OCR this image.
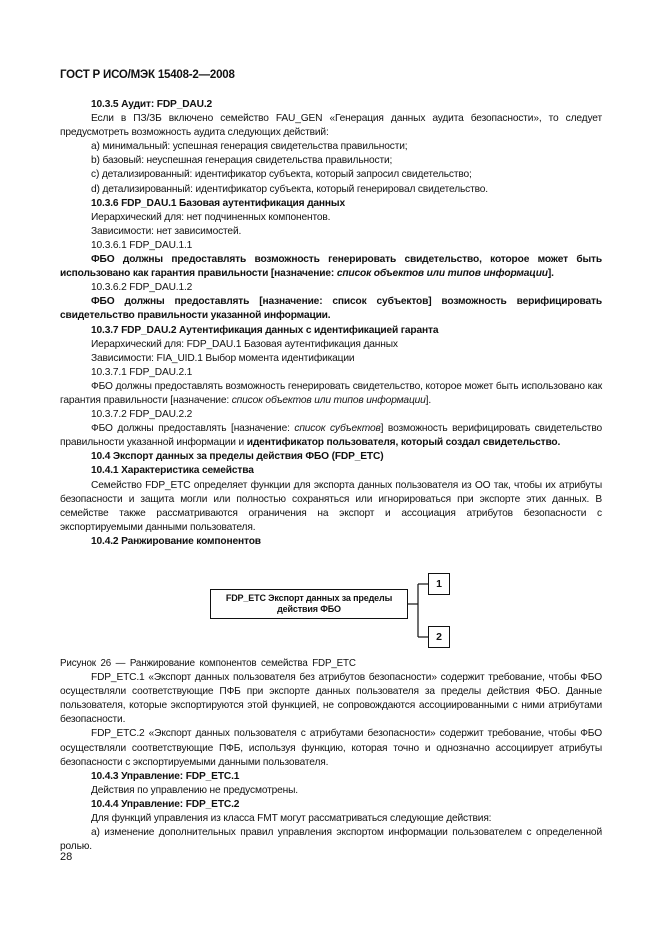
ГОСТ Р ИСО/МЭК 15408-2—2008

10.3.5 Аудит: FDP_DAU.2

Если в ПЗ/ЗБ включено семейство FAU_GEN «Генерация данных аудита безопасности», то следует предусмотреть возможность аудита следующих действий:

а) минимальный: успешная генерация свидетельства правильности;

b) базовый: неуспешная генерация свидетельства правильности;

с) детализированный: идентификатор субъекта, который запросил свидетельство;

d) детализированный: идентификатор субъекта, который генерировал свидетельство.

10.3.6 FDP_DAU.1 Базовая аутентификация данных

Иерархический для: нет подчиненных компонентов.

Зависимости: нет зависимостей.

10.3.6.1 FDP_DAU.1.1

ФБО должны предоставлять возможность генерировать свидетельство, которое может быть использовано как гарантия правильности [назначение: список объектов или типов информации].

10.3.6.2 FDP_DAU.1.2

ФБО должны предоставлять [назначение: список субъектов] возможность верифицировать свидетельство правильности указанной информации.

10.3.7 FDP_DAU.2 Аутентификация данных с идентификацией гаранта

Иерархический для: FDP_DAU.1 Базовая аутентификация данных

Зависимости: FIA_UID.1 Выбор момента идентификации

10.3.7.1 FDP_DAU.2.1

ФБО должны предоставлять возможность генерировать свидетельство, которое может быть использовано как гарантия правильности [назначение: список объектов или типов информации].

10.3.7.2 FDP_DAU.2.2

ФБО должны предоставлять [назначение: список субъектов] возможность верифицировать свидетельство правильности указанной информации и идентификатор пользователя, который создал свидетельство.

10.4 Экспорт данных за пределы действия ФБО (FDP_ETC)

10.4.1 Характеристика семейства

Семейство FDP_ETC определяет функции для экспорта данных пользователя из ОО так, чтобы их атрибуты безопасности и защита могли или полностью сохраняться или игнорироваться при экспорте этих данных. В семействе также рассматриваются ограничения на экспорт и ассоциация атрибутов безопасности с экспортируемыми данными пользователя.

10.4.2 Ранжирование компонентов

FDP_ETC Экспорт данных за пределы
действия ФБО
1
2

Рисунок 26 — Ранжирование компонентов семейства FDP_ETC

FDP_ETC.1 «Экспорт данных пользователя без атрибутов безопасности» содержит требование, чтобы ФБО осуществляли соответствующие ПФБ при экспорте данных пользователя за пределы действия ФБО. Данные пользователя, которые экспортируются этой функцией, не сопровождаются ассоциированными с ними атрибутами безопасности.

FDP_ETC.2 «Экспорт данных пользователя с атрибутами безопасности» содержит требование, чтобы ФБО осуществляли соответствующие ПФБ, используя функцию, которая точно и однозначно ассоциирует атрибуты безопасности с экспортируемыми данными пользователя.

10.4.3 Управление: FDP_ETC.1

Действия по управлению не предусмотрены.

10.4.4 Управление: FDP_ETC.2

Для функций управления из класса FMT могут рассматриваться следующие действия:

а) изменение дополнительных правил управления экспортом информации пользователем с определенной ролью.

28
